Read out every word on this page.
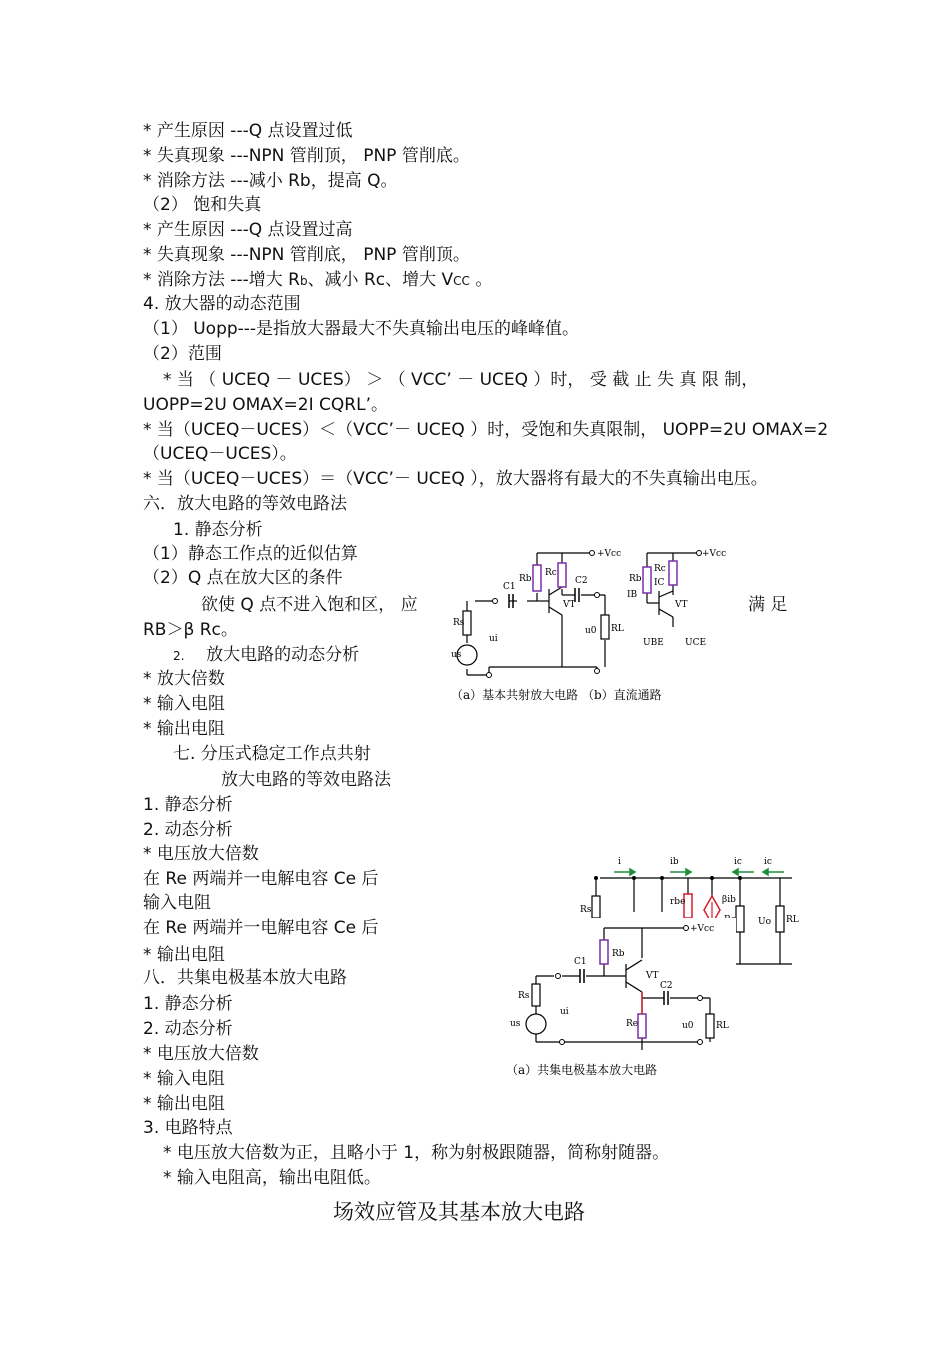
* 产生原因 ---Q 点设置过低
* 失真现象 ---NPN 管削顶， PNP 管削底。
* 消除方法 ---减小 Rb，提高 Q。
（2） 饱和失真
* 产生原因 ---Q 点设置过高
* 失真现象 ---NPN 管削底， PNP 管削顶。
* 消除方法 ---增大 Rb、减小 Rc、增大 VCC 。
4. 放大器的动态范围
（1） Uopp---是指放大器最大不失真输出电压的峰峰值。
（2）范围
* 当 （ UCEQ － UCES） ＞ （ VCC’ － UCEQ ）时， 受 截 止 失 真 限 制，
UOPP=2U OMAX=2I CQRL’。
* 当（UCEQ－UCES）＜（VCC’－ UCEQ ）时，受饱和失真限制， UOPP=2U OMAX=2
（UCEQ－UCES）。
* 当（UCEQ－UCES）＝（VCC’－ UCEQ ），放大器将有最大的不失真输出电压。
六．放大电路的等效电路法
1. 静态分析
（1）静态工作点的近似估算
（2）Q 点在放大区的条件
欲使 Q 点不进入饱和区， 应	满 足
RB＞β Rc。
2. 放大电路的动态分析
* 放大倍数
* 输入电阻
* 输出电阻
七. 分压式稳定工作点共射
放大电路的等效电路法
1. 静态分析
2. 动态分析
* 电压放大倍数
在 Re 两端并一电解电容 Ce 后
输入电阻
在 Re 两端并一电解电容 Ce 后
* 输出电阻
八．共集电极基本放大电路
1. 静态分析
2. 动态分析
* 电压放大倍数
* 输入电阻
* 输出电阻
3. 电路特点
* 电压放大倍数为正，且略小于 1，称为射极跟随器，简称射随器。
* 输入电阻高，输出电阻低。
场效应管及其基本放大电路
+Vcc	+Vcc
Rb
Rc
C1
C2
VT
Rs
ui
us
u0 RL
Rb
Rc
IB
IC
VT
UBE UCE
（a）基本共射放大电路 （b）直流通路
i	ib	ic ic
Rs
rbe	βib
Uo RL
+Vcc
Rb
C1
C2
VT
Rs
ui
us	Re	u0 RL
（a）共集电极基本放大电路
